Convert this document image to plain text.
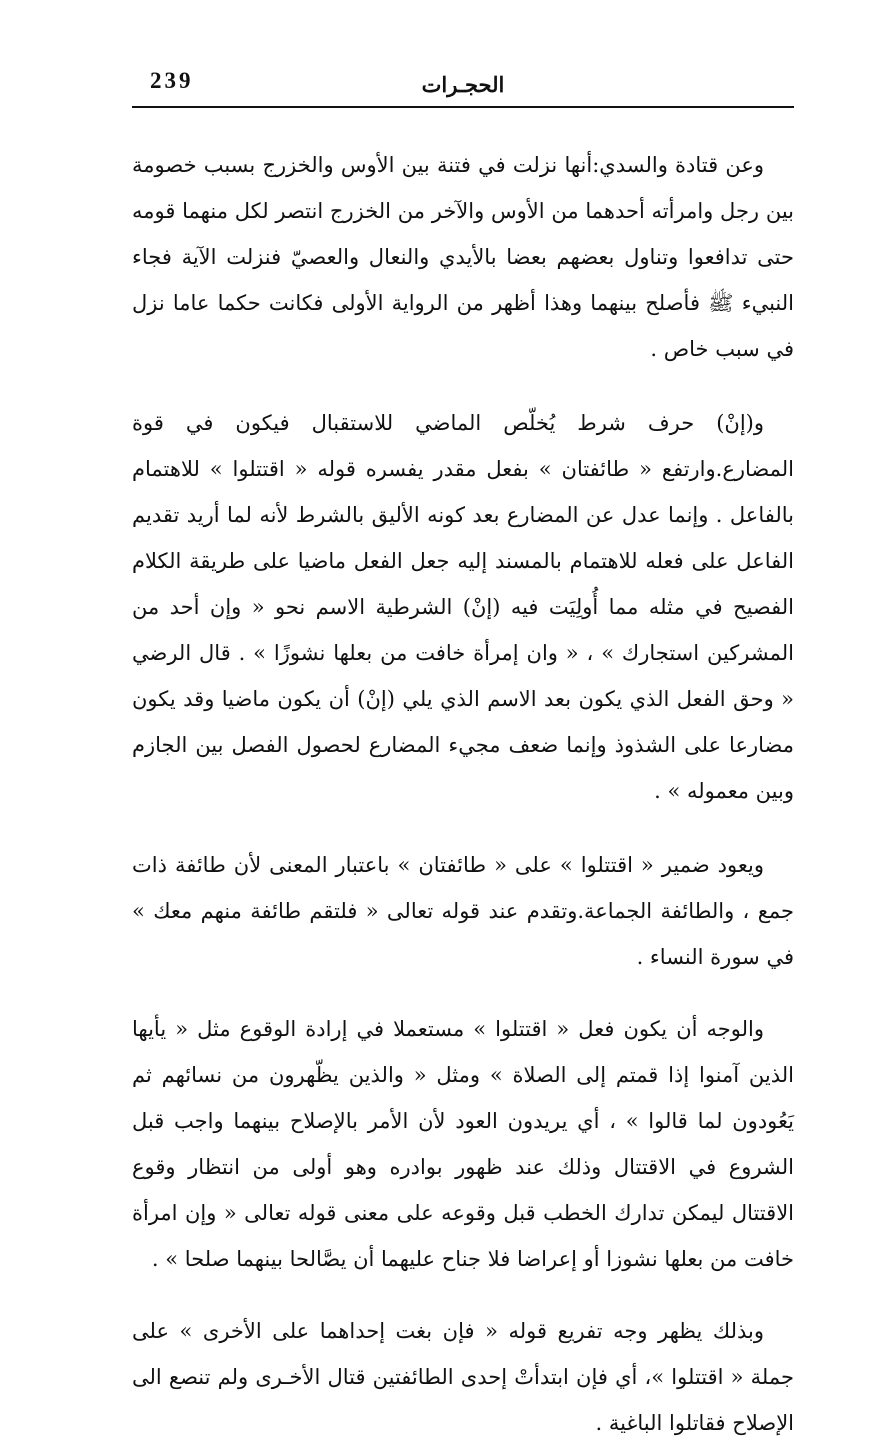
239	الحجـرات

وعن قتادة والسدي:أنها نزلت في فتنة بين الأوس والخزرج بسبب خصومة بين رجل وامرأته أحدهما من الأوس والآخر من الخزرج انتصر لكل منهما قومه حتى تدافعوا وتناول بعضهم بعضا بالأيدي والنعال والعصيّ فنزلت الآية فجاء النبيء ﷺ فأصلح بينهما وهذا أظهر من الرواية الأولى فكانت حكما عاما نزل في سبب خاص .

و(إنْ) حرف شرط يُخلّص الماضي للاستقبال فيكون في قوة المضارع.وارتفع « طائفتان » بفعل مقدر يفسره قوله « اقتتلوا » للاهتمام بالفاعل . وإنما عدل عن المضارع بعد كونه الأليق بالشرط لأنه لما أريد تقديم الفاعل على فعله للاهتمام بالمسند إليه جعل الفعل ماضيا على طريقة الكلام الفصيح في مثله مما أُولِيَت فيه (إنْ) الشرطية الاسم نحو « وإن أحد من المشركين استجارك » ، « وان إمرأة خافت من بعلها نشوزًا » . قال الرضي « وحق الفعل الذي يكون بعد الاسم الذي يلي (إنْ) أن يكون ماضيا وقد يكون مضارعا على الشذوذ وإنما ضعف مجيء المضارع لحصول الفصل بين الجازم وبين معموله » .

ويعود ضمير « اقتتلوا » على « طائفتان » باعتبار المعنى لأن طائفة ذات جمع ، والطائفة الجماعة.وتقدم عند قوله تعالى « فلتقم طائفة منهم معك » في سورة النساء .

والوجه أن يكون فعل « اقتتلوا » مستعملا في إرادة الوقوع مثل « يأيها الذين آمنوا إذا قمتم إلى الصلاة » ومثل « والذين يظّهرون من نسائهم ثم يَعُودون لما قالوا » ، أي يريدون العود لأن الأمر بالإصلاح بينهما واجب قبل الشروع في الاقتتال وذلك عند ظهور بوادره وهو أولى من انتظار وقوع الاقتتال ليمكن تدارك الخطب قبل وقوعه على معنى قوله تعالى « وإن امرأة خافت من بعلها نشوزا أو إعراضا فلا جناح عليهما أن يصَّالحا بينهما صلحا » .

وبذلك يظهر وجه تفريع قوله « فإن بغت إحداهما على الأخرى » على جملة « اقتتلوا »، أي فإن ابتدأتْ إحدى الطائفتين قتال الأخـرى ولم تنصع الى الإصلاح فقاتلوا الباغية .
